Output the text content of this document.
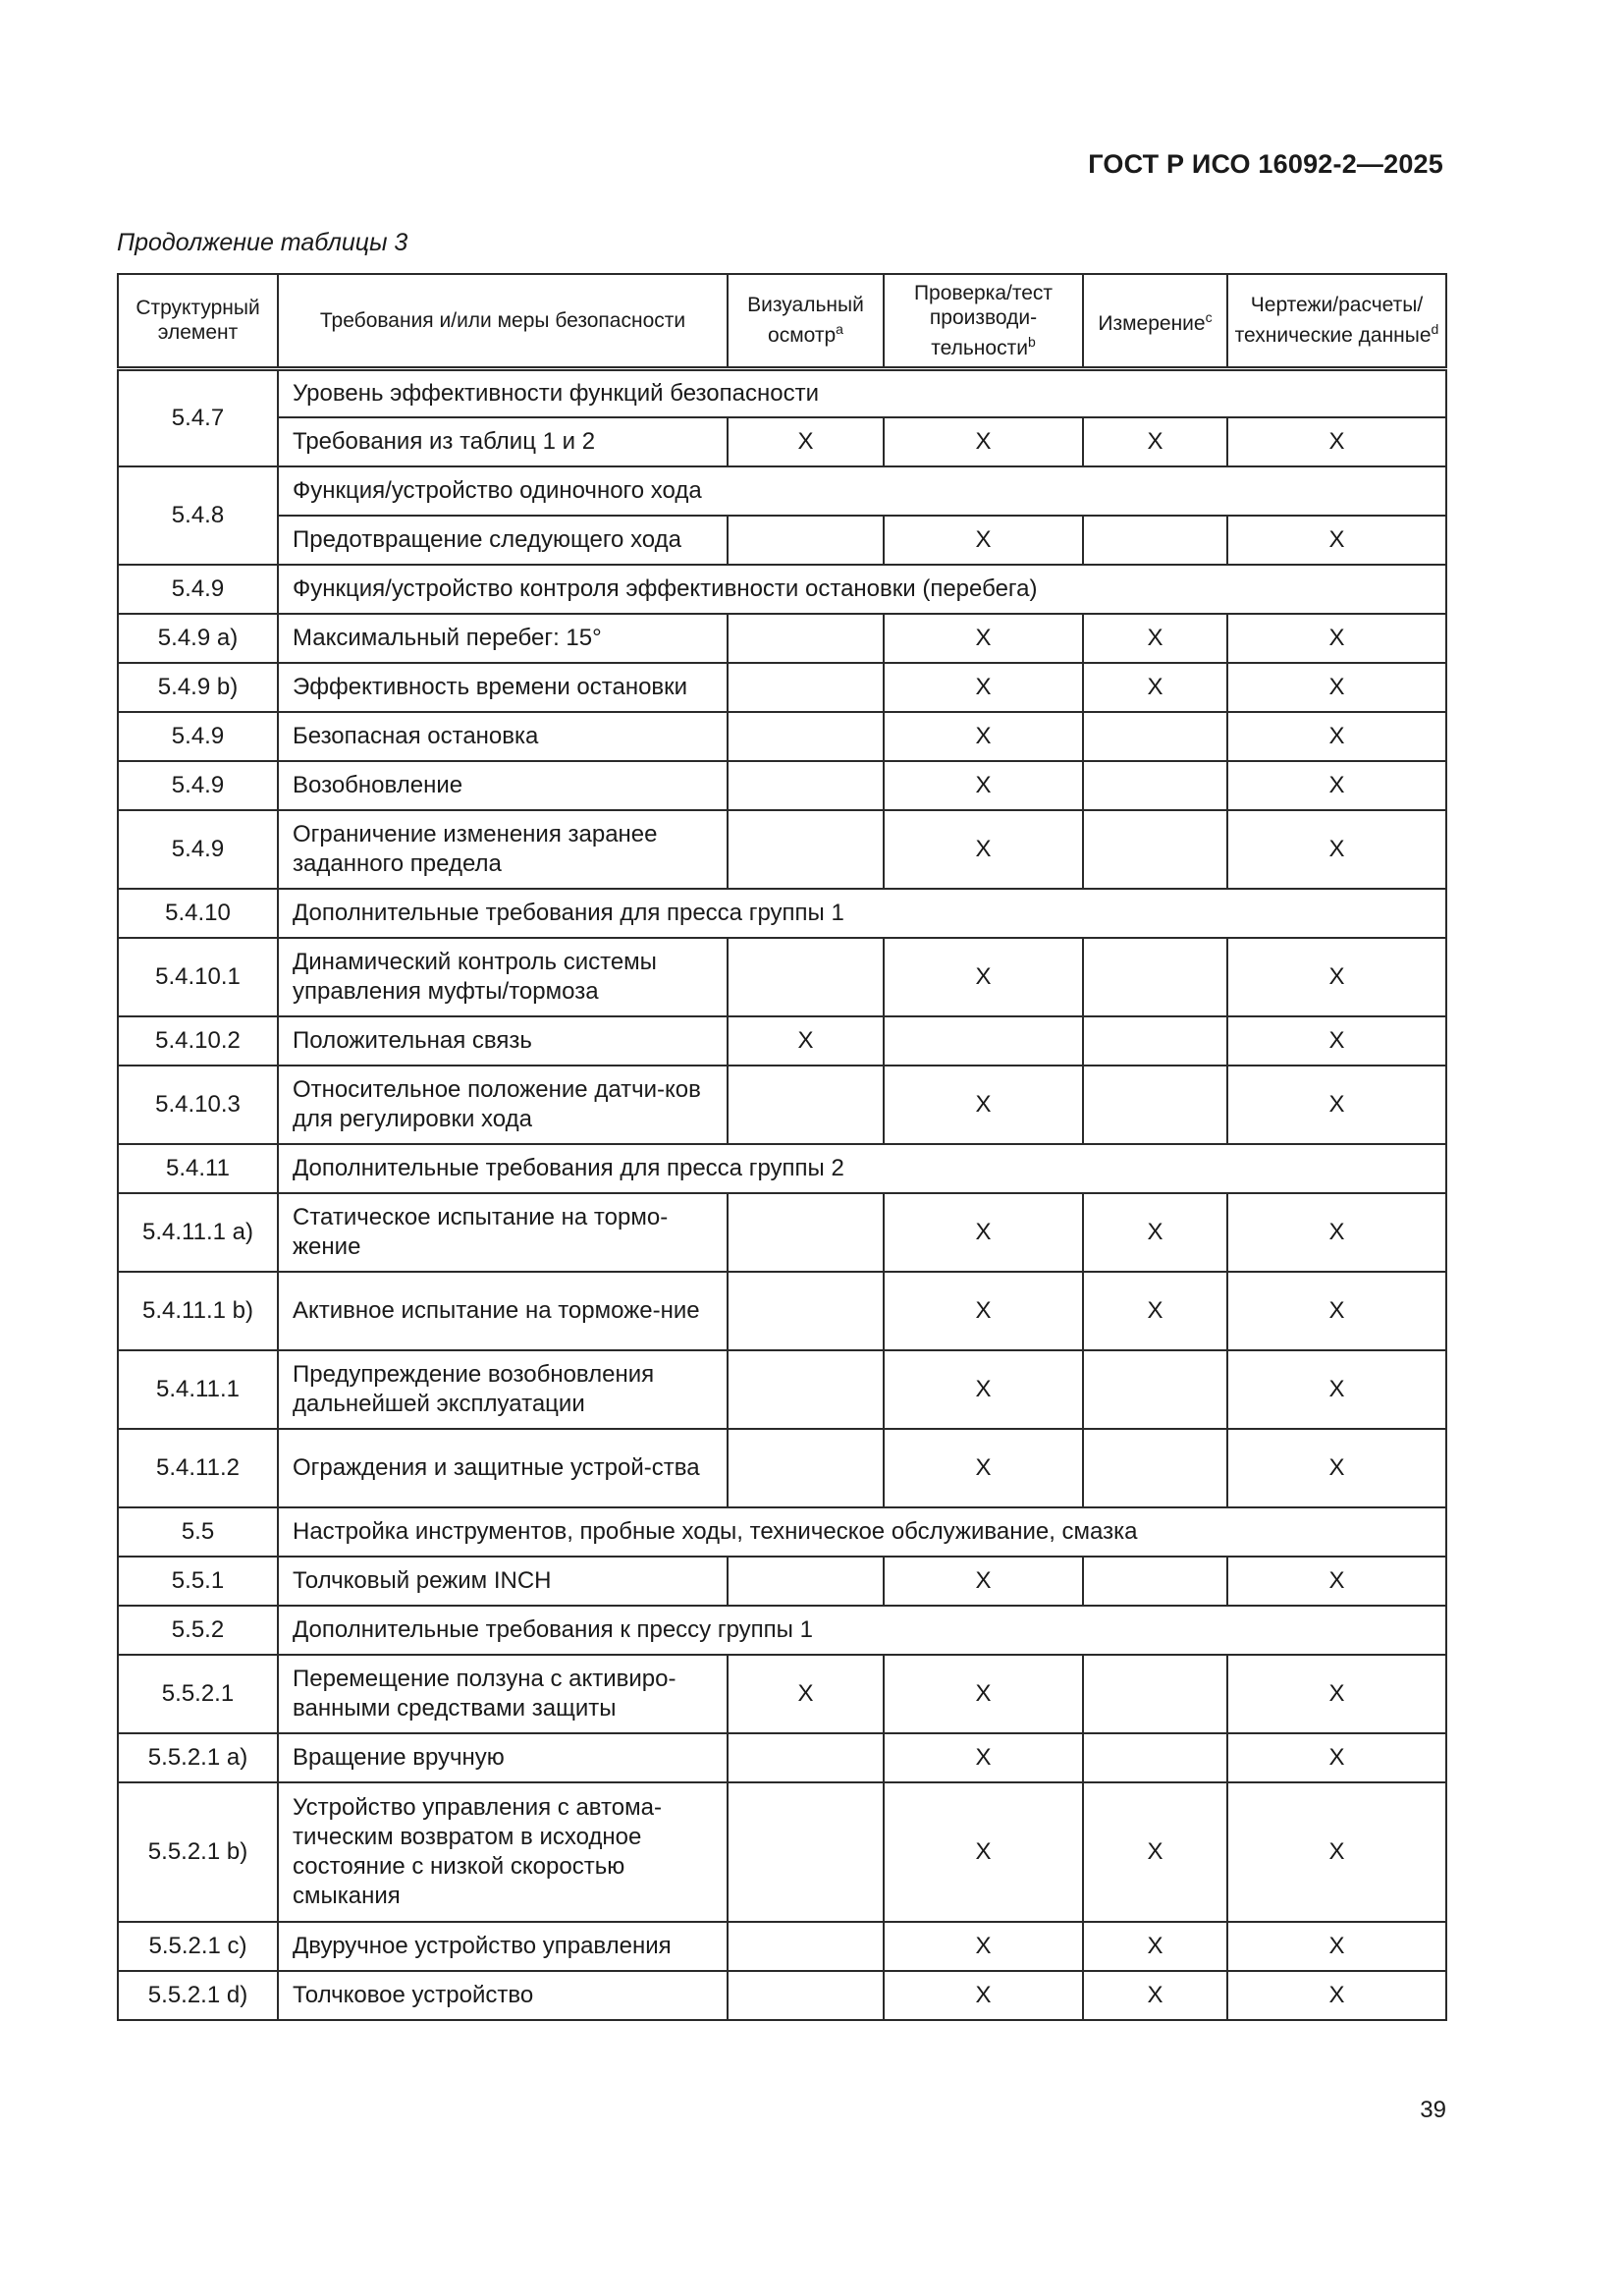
ГОСТ Р ИСО 16092-2—2025
Продолжение таблицы 3
Структурный элемент	Требования и/или меры безопасности	Визуальный осмотр$^a$	Проверка/тест производи-тельности$^b$	Измерение$^c$	Чертежи/расчеты/ технические данные$^d$
5.4.7	Уровень эффективности функций безопасности				
	Требования из таблиц 1 и 2	X	X	X	X
5.4.8	Функция/устройство одиночного хода				
	Предотвращение следующего хода		X		X
5.4.9	Функция/устройство контроля эффективности остановки (перебега)				
5.4.9 a)	Максимальный перебег: 15°		X	X	X
5.4.9 b)	Эффективность времени остановки		X	X	X
5.4.9	Безопасная остановка		X		X
5.4.9	Возобновление		X		X
5.4.9	Ограничение изменения заранее заданного предела		X		X
5.4.10	Дополнительные требования для пресса группы 1				
5.4.10.1	Динамический контроль системы управления муфты/тормоза		X		X
5.4.10.2	Положительная связь	X			X
5.4.10.3	Относительное положение датчи-ков для регулировки хода		X		X
5.4.11	Дополнительные требования для пресса группы 2				
5.4.11.1 a)	Статическое испытание на тормо-жение		X	X	X
5.4.11.1 b)	Активное испытание на торможе-ние		X	X	X
5.4.11.1	Предупреждение возобновления дальнейшей эксплуатации		X		X
5.4.11.2	Ограждения и защитные устрой-ства		X		X
5.5	Настройка инструментов, пробные ходы, техническое обслуживание, смазка				
5.5.1	Толчковый режим INCH		X		X
5.5.2	Дополнительные требования к прессу группы 1				
5.5.2.1	Перемещение ползуна с активиро-ванными средствами защиты	X	X		X
5.5.2.1 a)	Вращение вручную		X		X
5.5.2.1 b)	Устройство управления с автома-тическим возвратом в исходное состояние с низкой скоростью смыкания		X	X	X
5.5.2.1 c)	Двуручное устройство управления		X	X	X
5.5.2.1 d)	Толчковое устройство		X	X	X
39
